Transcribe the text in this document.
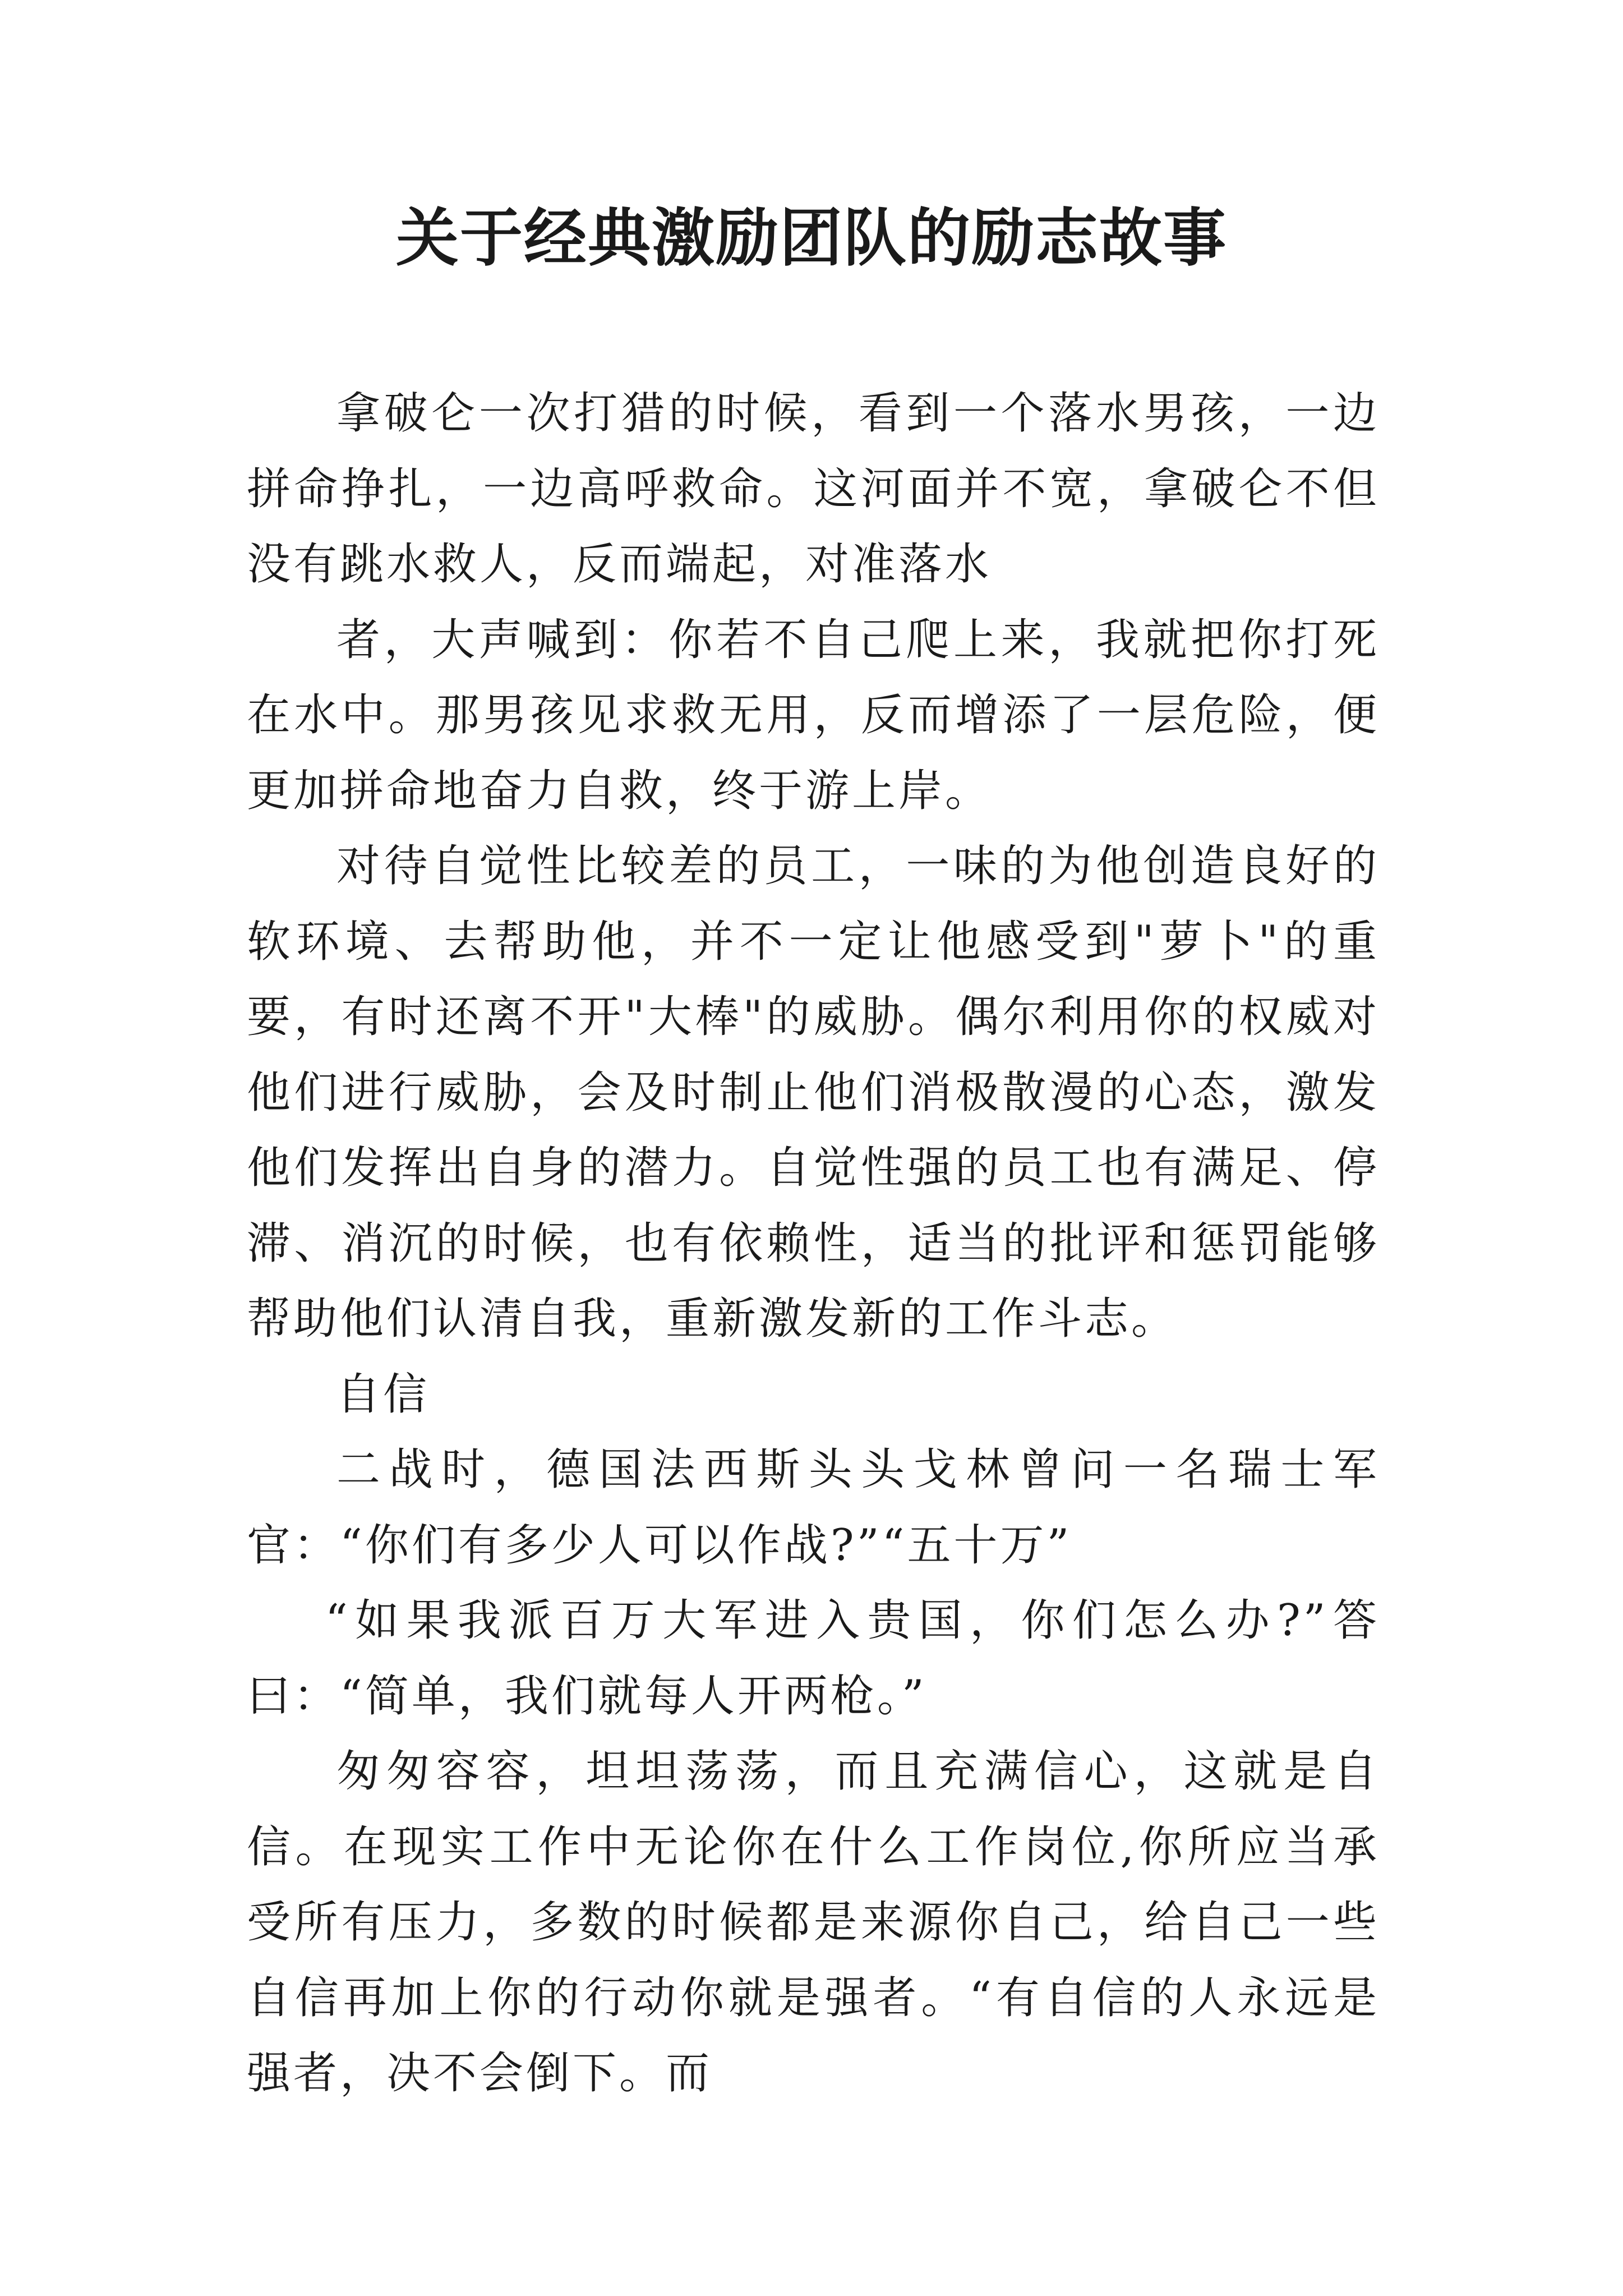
关于经典激励团队的励志故事

拿破仑一次打猎的时候，看到一个落水男孩，一边拼命挣扎，一边高呼救命。这河面并不宽，拿破仑不但没有跳水救人，反而端起，对准落水

者，大声喊到：你若不自己爬上来，我就把你打死在水中。那男孩见求救无用，反而增添了一层危险，便更加拼命地奋力自救，终于游上岸。

对待自觉性比较差的员工，一味的为他创造良好的软环境、去帮助他，并不一定让他感受到"萝卜"的重要，有时还离不开"大棒"的威胁。偶尔利用你的权威对他们进行威胁，会及时制止他们消极散漫的心态，激发他们发挥出自身的潜力。自觉性强的员工也有满足、停滞、消沉的时候，也有依赖性，适当的批评和惩罚能够帮助他们认清自我，重新激发新的工作斗志。

自信

二战时，德国法西斯头头戈林曾问一名瑞士军官：“你们有多少人可以作战?”“五十万”

“如果我派百万大军进入贵国，你们怎么办?”答曰：“简单，我们就每人开两枪。”

匆匆容容，坦坦荡荡，而且充满信心，这就是自信。在现实工作中无论你在什么工作岗位,你所应当承受所有压力，多数的时候都是来源你自己，给自己一些自信再加上你的行动你就是强者。“有自信的人永远是强者，决不会倒下。而
